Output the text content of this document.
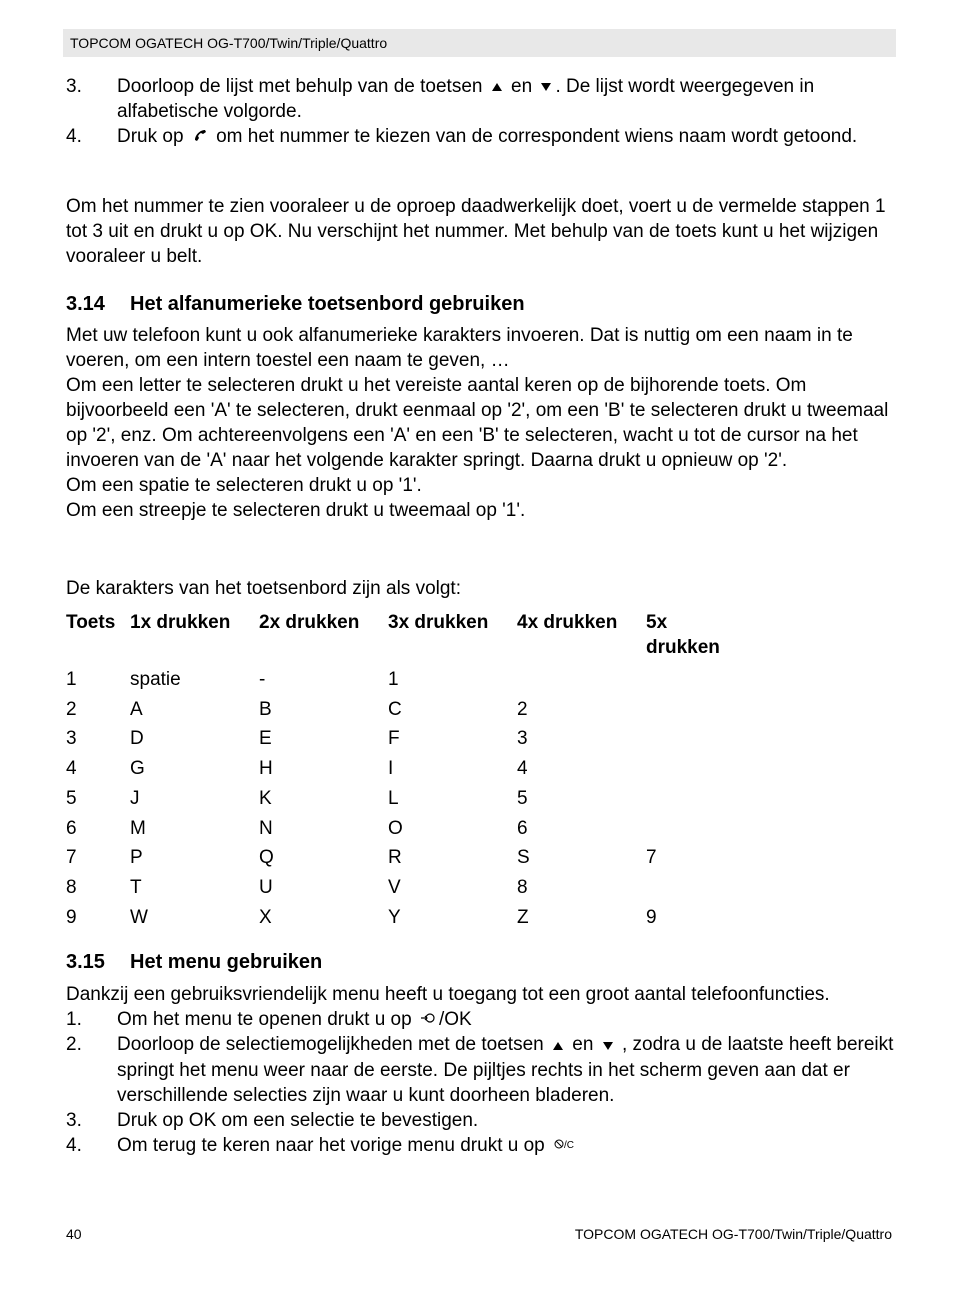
TOPCOM OGATECH OG-T700/Twin/Triple/Quattro
3. Doorloop de lijst met behulp van de toetsen en . De lijst wordt weergegeven in alfabetische volgorde.
4. Druk op om het nummer te kiezen van de correspondent wiens naam wordt getoond.
Om het nummer te zien vooraleer u de oproep daadwerkelijk doet, voert u de vermelde stappen 1 tot 3 uit en drukt u op OK. Nu verschijnt het nummer. Met behulp van de toets kunt u het wijzigen vooraleer u belt.
3.14 Het alfanumerieke toetsenbord gebruiken
Met uw telefoon kunt u ook alfanumerieke karakters invoeren. Dat is nuttig om een naam in te voeren, om een intern toestel een naam te geven, …
Om een letter te selecteren drukt u het vereiste aantal keren op de bijhorende toets. Om bijvoorbeeld een 'A' te selecteren, drukt eenmaal op '2', om een 'B' te selecteren drukt u tweemaal op '2', enz. Om achtereenvolgens een 'A' en een 'B' te selecteren, wacht u tot de cursor na het invoeren van de 'A' naar het volgende karakter springt. Daarna drukt u opnieuw op '2'.
Om een spatie te selecteren drukt u op '1'.
Om een streepje te selecteren drukt u tweemaal op '1'.
De karakters van het toetsenbord zijn als volgt:
Toets	1x drukken	2x drukken	3x drukken	4x drukken	5x drukken
1	spatie	-	1		
2	A	B	C	2	
3	D	E	F	3	
4	G	H	I	4	
5	J	K	L	5	
6	M	N	O	6	
7	P	Q	R	S	7
8	T	U	V	8	
9	W	X	Y	Z	9
3.15 Het menu gebruiken
Dankzij een gebruiksvriendelijk menu heeft u toegang tot een groot aantal telefoonfuncties.
1. Om het menu te openen drukt u op /OK
2. Doorloop de selectiemogelijkheden met de toetsen en , zodra u de laatste heeft bereikt springt het menu weer naar de eerste. De pijltjes rechts in het scherm geven aan dat er verschillende selecties zijn waar u kunt doorheen bladeren.
3. Druk op OK om een selectie te bevestigen.
4. Om terug te keren naar het vorige menu drukt u op /C
40	TOPCOM OGATECH OG-T700/Twin/Triple/Quattro
